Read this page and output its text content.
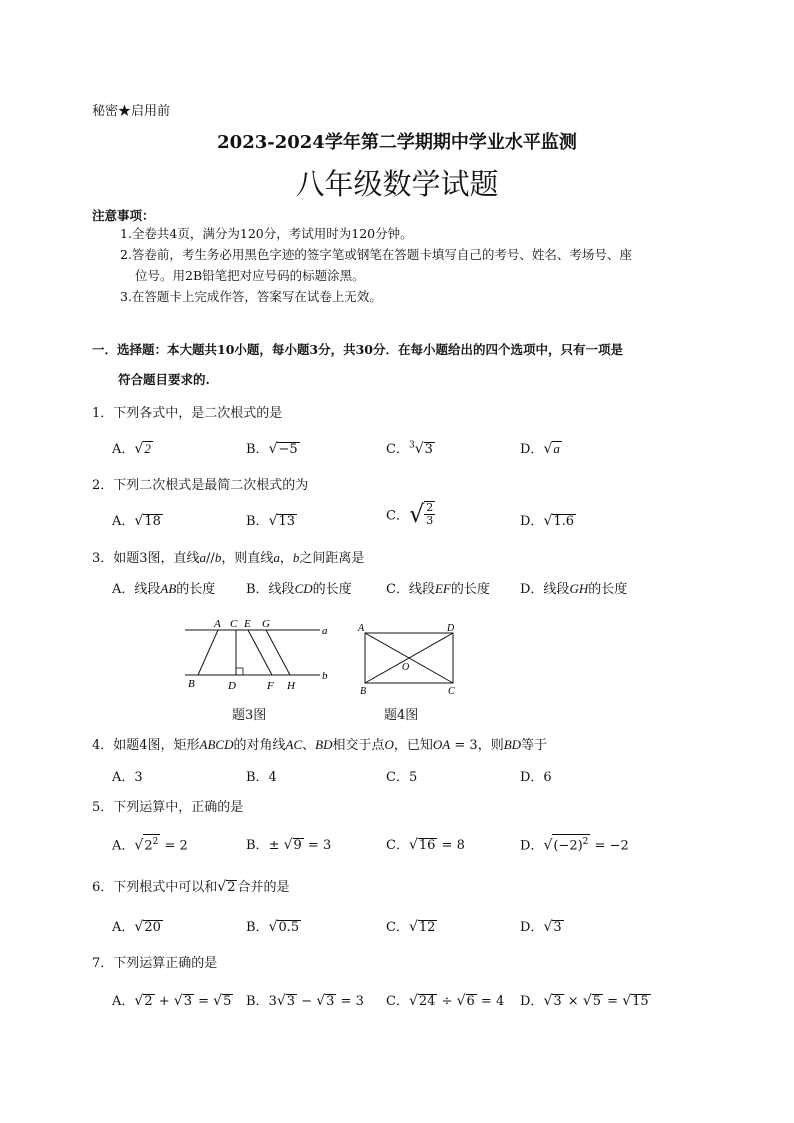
秘密★启用前
2023-2024学年第二学期期中学业水平监测
八年级数学试题
注意事项：
1.全卷共4页，满分为120分，考试用时为120分钟。
2.答卷前，考生务必用黑色字迹的签字笔或钢笔在答题卡填写自己的考号、姓名、考场号、座
位号。用2B铅笔把对应号码的标题涂黑。
3.在答题卡上完成作答，答案写在试卷上无效。
一．选择题：本大题共10小题，每小题3分，共30分．在每小题给出的四个选项中，只有一项是
符合题目要求的.
1．下列各式中，是二次根式的是
A．√2	B．√−5	C．$^3$√3	D．√a
2．下列二次根式是最简二次根式的为
A．√18	B．√13	C．√ $\frac{2}{3}$	D．√1.6
3．如题3图，直线a//b，则直线a，b之间距离是
A．线段AB的长度 B．线段CD的长度	C．线段EF的长度 D．线段GH的长度
A C E G
a
B	D	F H
b
题3图
A	D
O
B	C
题4图
4．如题4图，矩形ABCD的对角线AC、BD相交于点O，已知OA = 3，则BD等于
A．3	B．4	C．5	D．6
5．下列运算中，正确的是
A．$√2^2 = 2$	B．± √9 = 3	C．√16 = 8	D．$√(-2)^2 = -2$
6．下列根式中可以和√2 合并的是
A．√20	B．√0.5	C．√12	D．√3
7．下列运算正确的是
A．√2 + √3 = √5 B．3√3 − √3 = 3 C．√24 ÷ √6 = 4 D．√3 × √5 = √15
